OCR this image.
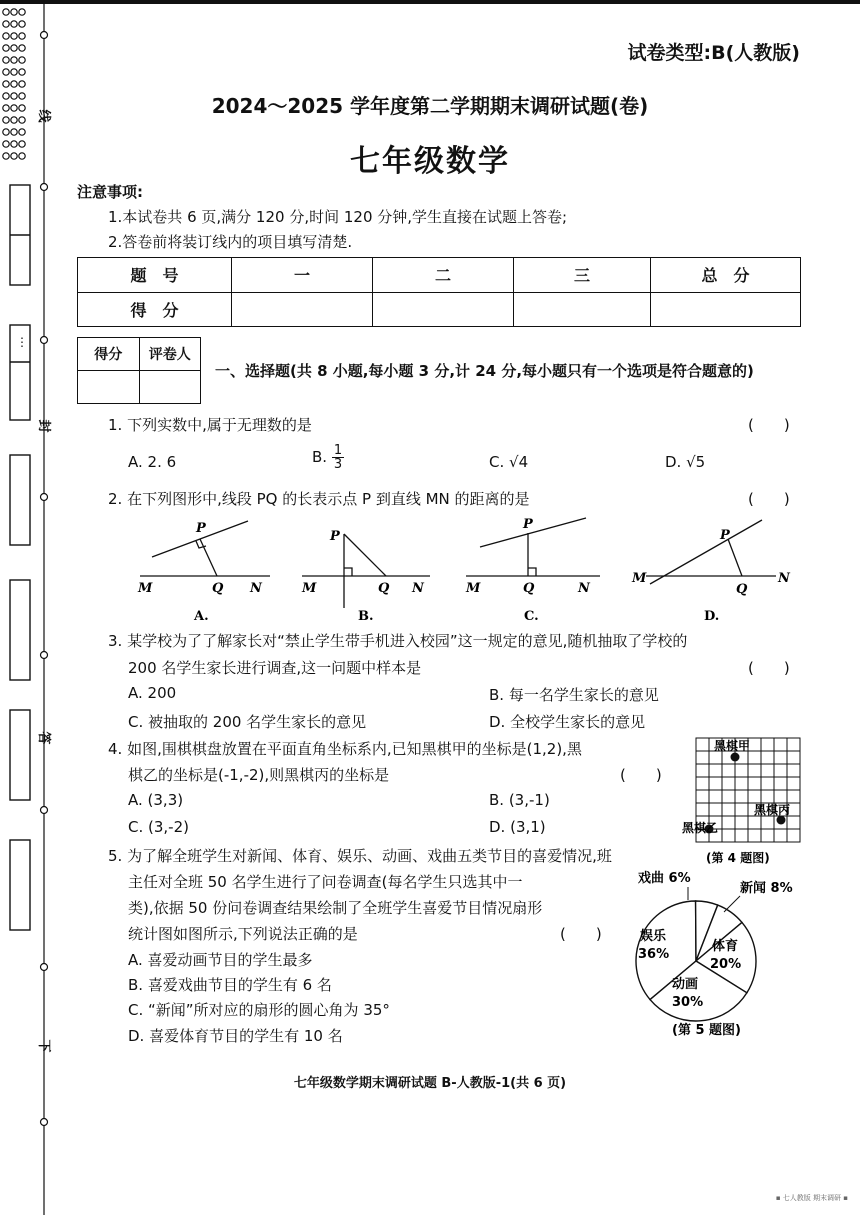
线
封
答
下
⋮
试卷类型:B(人教版)
2024～2025 学年度第二学期期末调研试题(卷)
七年级数学
注意事项:
1.本试卷共 6 页,满分 120 分,时间 120 分钟,学生直接在试题上答卷;
2.答卷前将装订线内的项目填写清楚.
题　号	一	二	三	总　分
得　分				
得分	评卷人

一、选择题(共 8 小题,每小题 3 分,计 24 分,每小题只有一个选项是符合题意的)
1. 下列实数中,属于无理数的是	(　　)
A. 2. 6	B. $\frac{1}{3}$	C. √4	D. √5
2. 在下列图形中,线段 PQ 的长表示点 P 到直线 MN 的距离的是	(　　)
M
P
Q N
A.
M
P
Q N
B.
M
P
Q	N
C.
M
P
Q
N
D.
3. 某学校为了了解家长对“禁止学生带手机进入校园”这一规定的意见,随机抽取了学校的
200 名学生家长进行调查,这一问题中样本是	(　　)
A. 200	B. 每一名学生家长的意见
C. 被抽取的 200 名学生家长的意见	D. 全校学生家长的意见
4. 如图,围棋棋盘放置在平面直角坐标系内,已知黑棋甲的坐标是(1,2),黑
棋乙的坐标是(-1,-2),则黑棋丙的坐标是	(　　)
A. (3,3)	B. (3,-1)
C. (3,-2)	D. (3,1)
黑棋甲
黑棋丙
黑棋乙
(第 4 题图)
5. 为了解全班学生对新闻、体育、娱乐、动画、戏曲五类节目的喜爱情况,班
主任对全班 50 名学生进行了问卷调查(每名学生只选其中一
类),依据 50 份问卷调查结果绘制了全班学生喜爱节目情况扇形
统计图如图所示,下列说法正确的是	(　　)
A. 喜爱动画节目的学生最多
B. 喜爱戏曲节目的学生有 6 名
C. “新闻”所对应的扇形的圆心角为 35°
D. 喜爱体育节目的学生有 10 名
戏曲 6%
新闻 8%
娱乐
36%
体育
20%
动画
30%
(第 5 题图)
七年级数学期末调研试题 B-人教版-1(共 6 页)
▪ 七人教版 期末调研 ▪
